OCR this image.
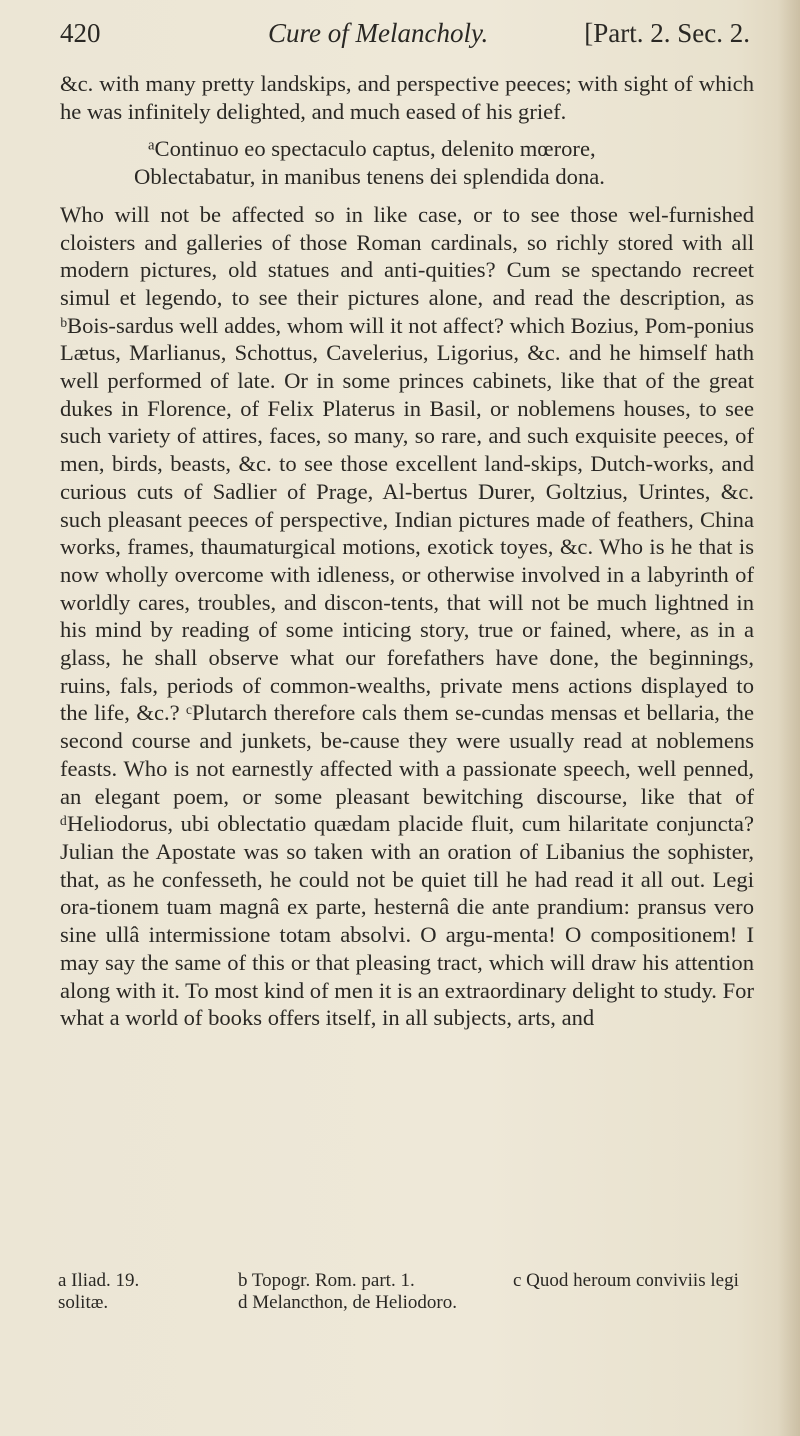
420	Cure of Melancholy.	[Part. 2. Sec. 2.

&c. with many pretty landskips, and perspective peeces; with sight of which he was infinitely delighted, and much eased of his grief.

$^a$Continuo eo spectaculo captus, delenito mœrore,
Oblectabatur, in manibus tenens dei splendida dona.

Who will not be affected so in like case, or to see those wel-furnished cloisters and galleries of those Roman cardinals, so richly stored with all modern pictures, old statues and anti-quities? Cum se spectando recreet simul et legendo, to see their pictures alone, and read the description, as ᵇBois-sardus well addes, whom will it not affect? which Bozius, Pom-ponius Lætus, Marlianus, Schottus, Cavelerius, Ligorius, &c. and he himself hath well performed of late. Or in some princes cabinets, like that of the great dukes in Florence, of Felix Platerus in Basil, or noblemens houses, to see such variety of attires, faces, so many, so rare, and such exquisite peeces, of men, birds, beasts, &c. to see those excellent land-skips, Dutch-works, and curious cuts of Sadlier of Prage, Al-bertus Durer, Goltzius, Urintes, &c. such pleasant peeces of perspective, Indian pictures made of feathers, China works, frames, thaumaturgical motions, exotick toyes, &c. Who is he that is now wholly overcome with idleness, or otherwise involved in a labyrinth of worldly cares, troubles, and discon-tents, that will not be much lightned in his mind by reading of some inticing story, true or fained, where, as in a glass, he shall observe what our forefathers have done, the beginnings, ruins, fals, periods of common-wealths, private mens actions displayed to the life, &c.? ᶜPlutarch therefore cals them se-cundas mensas et bellaria, the second course and junkets, be-cause they were usually read at noblemens feasts. Who is not earnestly affected with a passionate speech, well penned, an elegant poem, or some pleasant bewitching discourse, like that of ᵈHeliodorus, ubi oblectatio quædam placide fluit, cum hilaritate conjuncta? Julian the Apostate was so taken with an oration of Libanius the sophister, that, as he confesseth, he could not be quiet till he had read it all out. Legi ora-tionem tuam magnâ ex parte, hesternâ die ante prandium: pransus vero sine ullâ intermissione totam absolvi. O argu-menta! O compositionem! I may say the same of this or that pleasing tract, which will draw his attention along with it. To most kind of men it is an extraordinary delight to study. For what a world of books offers itself, in all subjects, arts, and

a Iliad. 19.	b Topogr. Rom. part. 1.	c Quod heroum conviviis legi
solitæ.	d Melancthon, de Heliodoro.
